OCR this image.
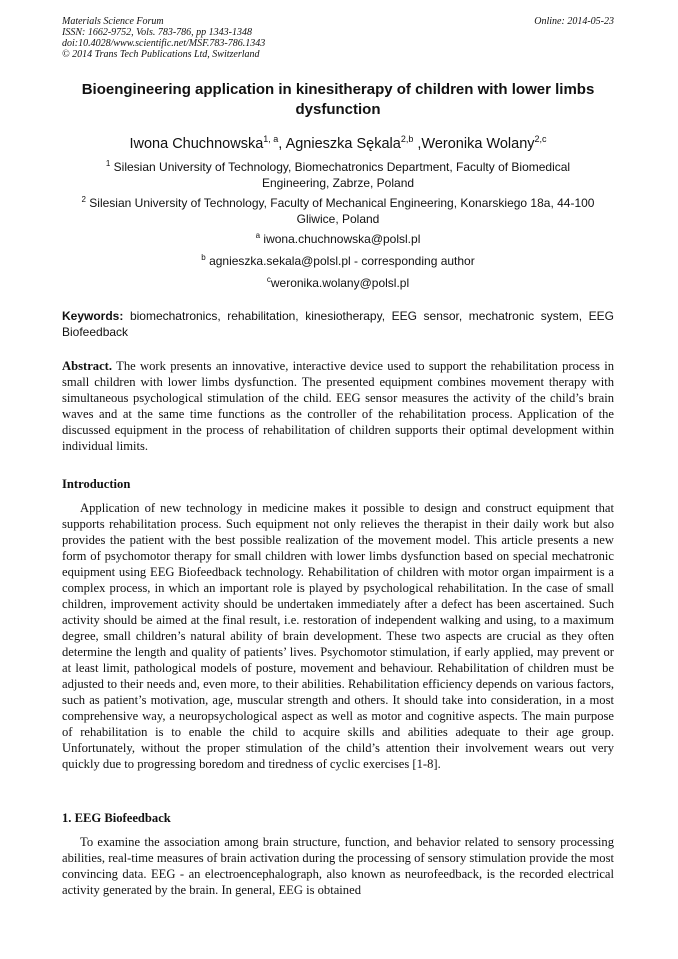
Materials Science Forum
ISSN: 1662-9752, Vols. 783-786, pp 1343-1348
doi:10.4028/www.scientific.net/MSF.783-786.1343
© 2014 Trans Tech Publications Ltd, Switzerland
Online: 2014-05-23
Bioengineering application in kinesitherapy of children with lower limbs dysfunction
Iwona Chuchnowska$^{1, a}$, Agnieszka Sękala$^{2,b}$ ,Weronika Wolany$^{2,c}$
$^1$ Silesian University of Technology, Biomechatronics Department, Faculty of Biomedical Engineering, Zabrze, Poland
$^2$ Silesian University of Technology, Faculty of Mechanical Engineering, Konarskiego 18a, 44-100 Gliwice, Poland
$^a$ iwona.chuchnowska@polsl.pl
$^b$ agnieszka.sekala@polsl.pl - corresponding author
$^c$weronika.wolany@polsl.pl
Keywords: biomechatronics, rehabilitation, kinesiotherapy, EEG sensor, mechatronic system, EEG Biofeedback
Abstract. The work presents an innovative, interactive device used to support the rehabilitation process in small children with lower limbs dysfunction. The presented equipment combines movement therapy with simultaneous psychological stimulation of the child. EEG sensor measures the activity of the child’s brain waves and at the same time functions as the controller of the rehabilitation process. Application of the discussed equipment in the process of rehabilitation of children supports their optimal development within individual limits.
Introduction
Application of new technology in medicine makes it possible to design and construct equipment that supports rehabilitation process. Such equipment not only relieves the therapist in their daily work but also provides the patient with the best possible realization of the movement model. This article presents a new form of psychomotor therapy for small children with lower limbs dysfunction based on special mechatronic equipment using EEG Biofeedback technology. Rehabilitation of children with motor organ impairment is a complex process, in which an important role is played by psychological rehabilitation. In the case of small children, improvement activity should be undertaken immediately after a defect has been ascertained. Such activity should be aimed at the final result, i.e. restoration of independent walking and using, to a maximum degree, small children’s natural ability of brain development. These two aspects are crucial as they often determine the length and quality of patients’ lives. Psychomotor stimulation, if early applied, may prevent or at least limit, pathological models of posture, movement and behaviour. Rehabilitation of children must be adjusted to their needs and, even more, to their abilities. Rehabilitation efficiency depends on various factors, such as patient’s motivation, age, muscular strength and others. It should take into consideration, in a most comprehensive way, a neuropsychological aspect as well as motor and cognitive aspects. The main purpose of rehabilitation is to enable the child to acquire skills and abilities adequate to their age group. Unfortunately, without the proper stimulation of the child’s attention their involvement wears out very quickly due to progressing boredom and tiredness of cyclic exercises [1-8].
1. EEG Biofeedback
To examine the association among brain structure, function, and behavior related to sensory processing abilities, real-time measures of brain activation during the processing of sensory stimulation provide the most convincing data. EEG - an electroencephalograph, also known as neurofeedback, is the recorded electrical activity generated by the brain. In general, EEG is obtained
